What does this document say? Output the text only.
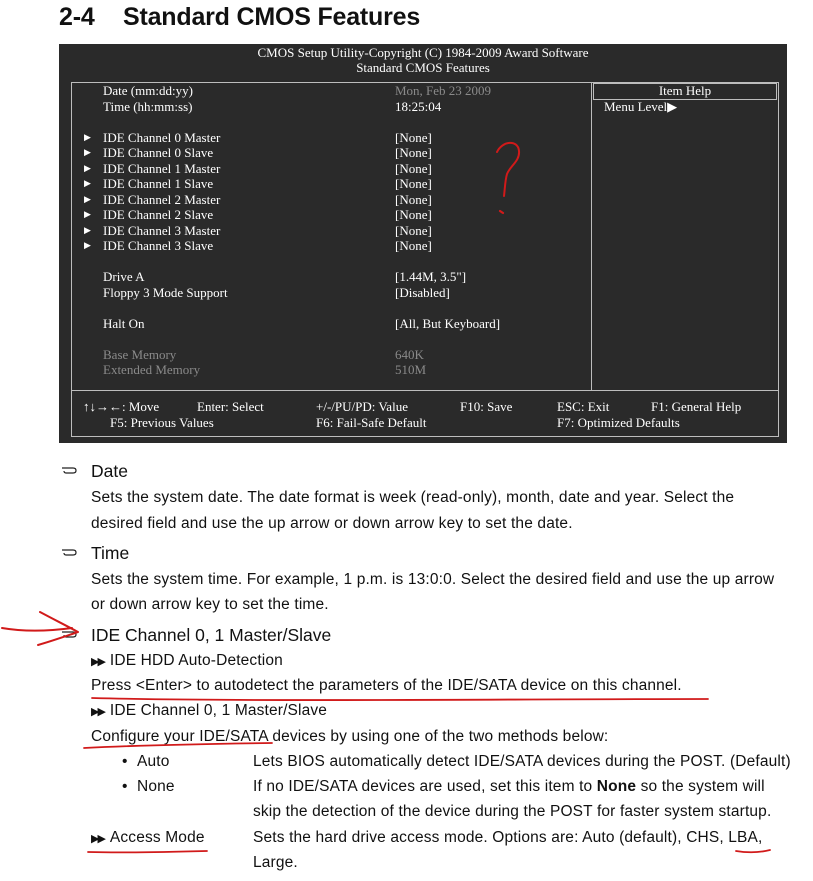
2-4 Standard CMOS Features
CMOS Setup Utility-Copyright (C) 1984-2009 Award Software
Standard CMOS Features
Item Help
Menu Level▶
Date (mm:dd:yy)	Mon, Feb 23 2009
Time (hh:mm:ss)	18:25:04
▶ IDE Channel 0 Master	[None]
▶ IDE Channel 0 Slave	[None]
▶ IDE Channel 1 Master	[None]
▶ IDE Channel 1 Slave	[None]
▶ IDE Channel 2 Master	[None]
▶ IDE Channel 2 Slave	[None]
▶ IDE Channel 3 Master	[None]
▶ IDE Channel 3 Slave	[None]
Drive A	[1.44M, 3.5"]
Floppy 3 Mode Support	[Disabled]
Halt On	[All, But Keyboard]
Base Memory	640K
Extended Memory	510M
↑↓→←: Move	Enter: Select	+/-/PU/PD: Value	F10: Save	ESC: Exit	F1: General Help
F5: Previous Values	F6: Fail-Safe Default	F7: Optimized Defaults
Date
Sets the system date. The date format is week (read-only), month, date and year. Select the
desired field and use the up arrow or down arrow key to set the date.
Time
Sets the system time. For example, 1 p.m. is 13:0:0. Select the desired field and use the up arrow
or down arrow key to set the time.
IDE Channel 0, 1 Master/Slave
▶▶ IDE HDD Auto-Detection
Press <Enter> to autodetect the parameters of the IDE/SATA device on this channel.
▶▶ IDE Channel 0, 1 Master/Slave
Configure your IDE/SATA devices by using one of the two methods below:
• Auto	Lets BIOS automatically detect IDE/SATA devices during the POST. (Default)
• None	If no IDE/SATA devices are used, set this item to None so the system will
skip the detection of the device during the POST for faster system startup.
▶▶ Access Mode	Sets the hard drive access mode. Options are: Auto (default), CHS, LBA,
Large.
